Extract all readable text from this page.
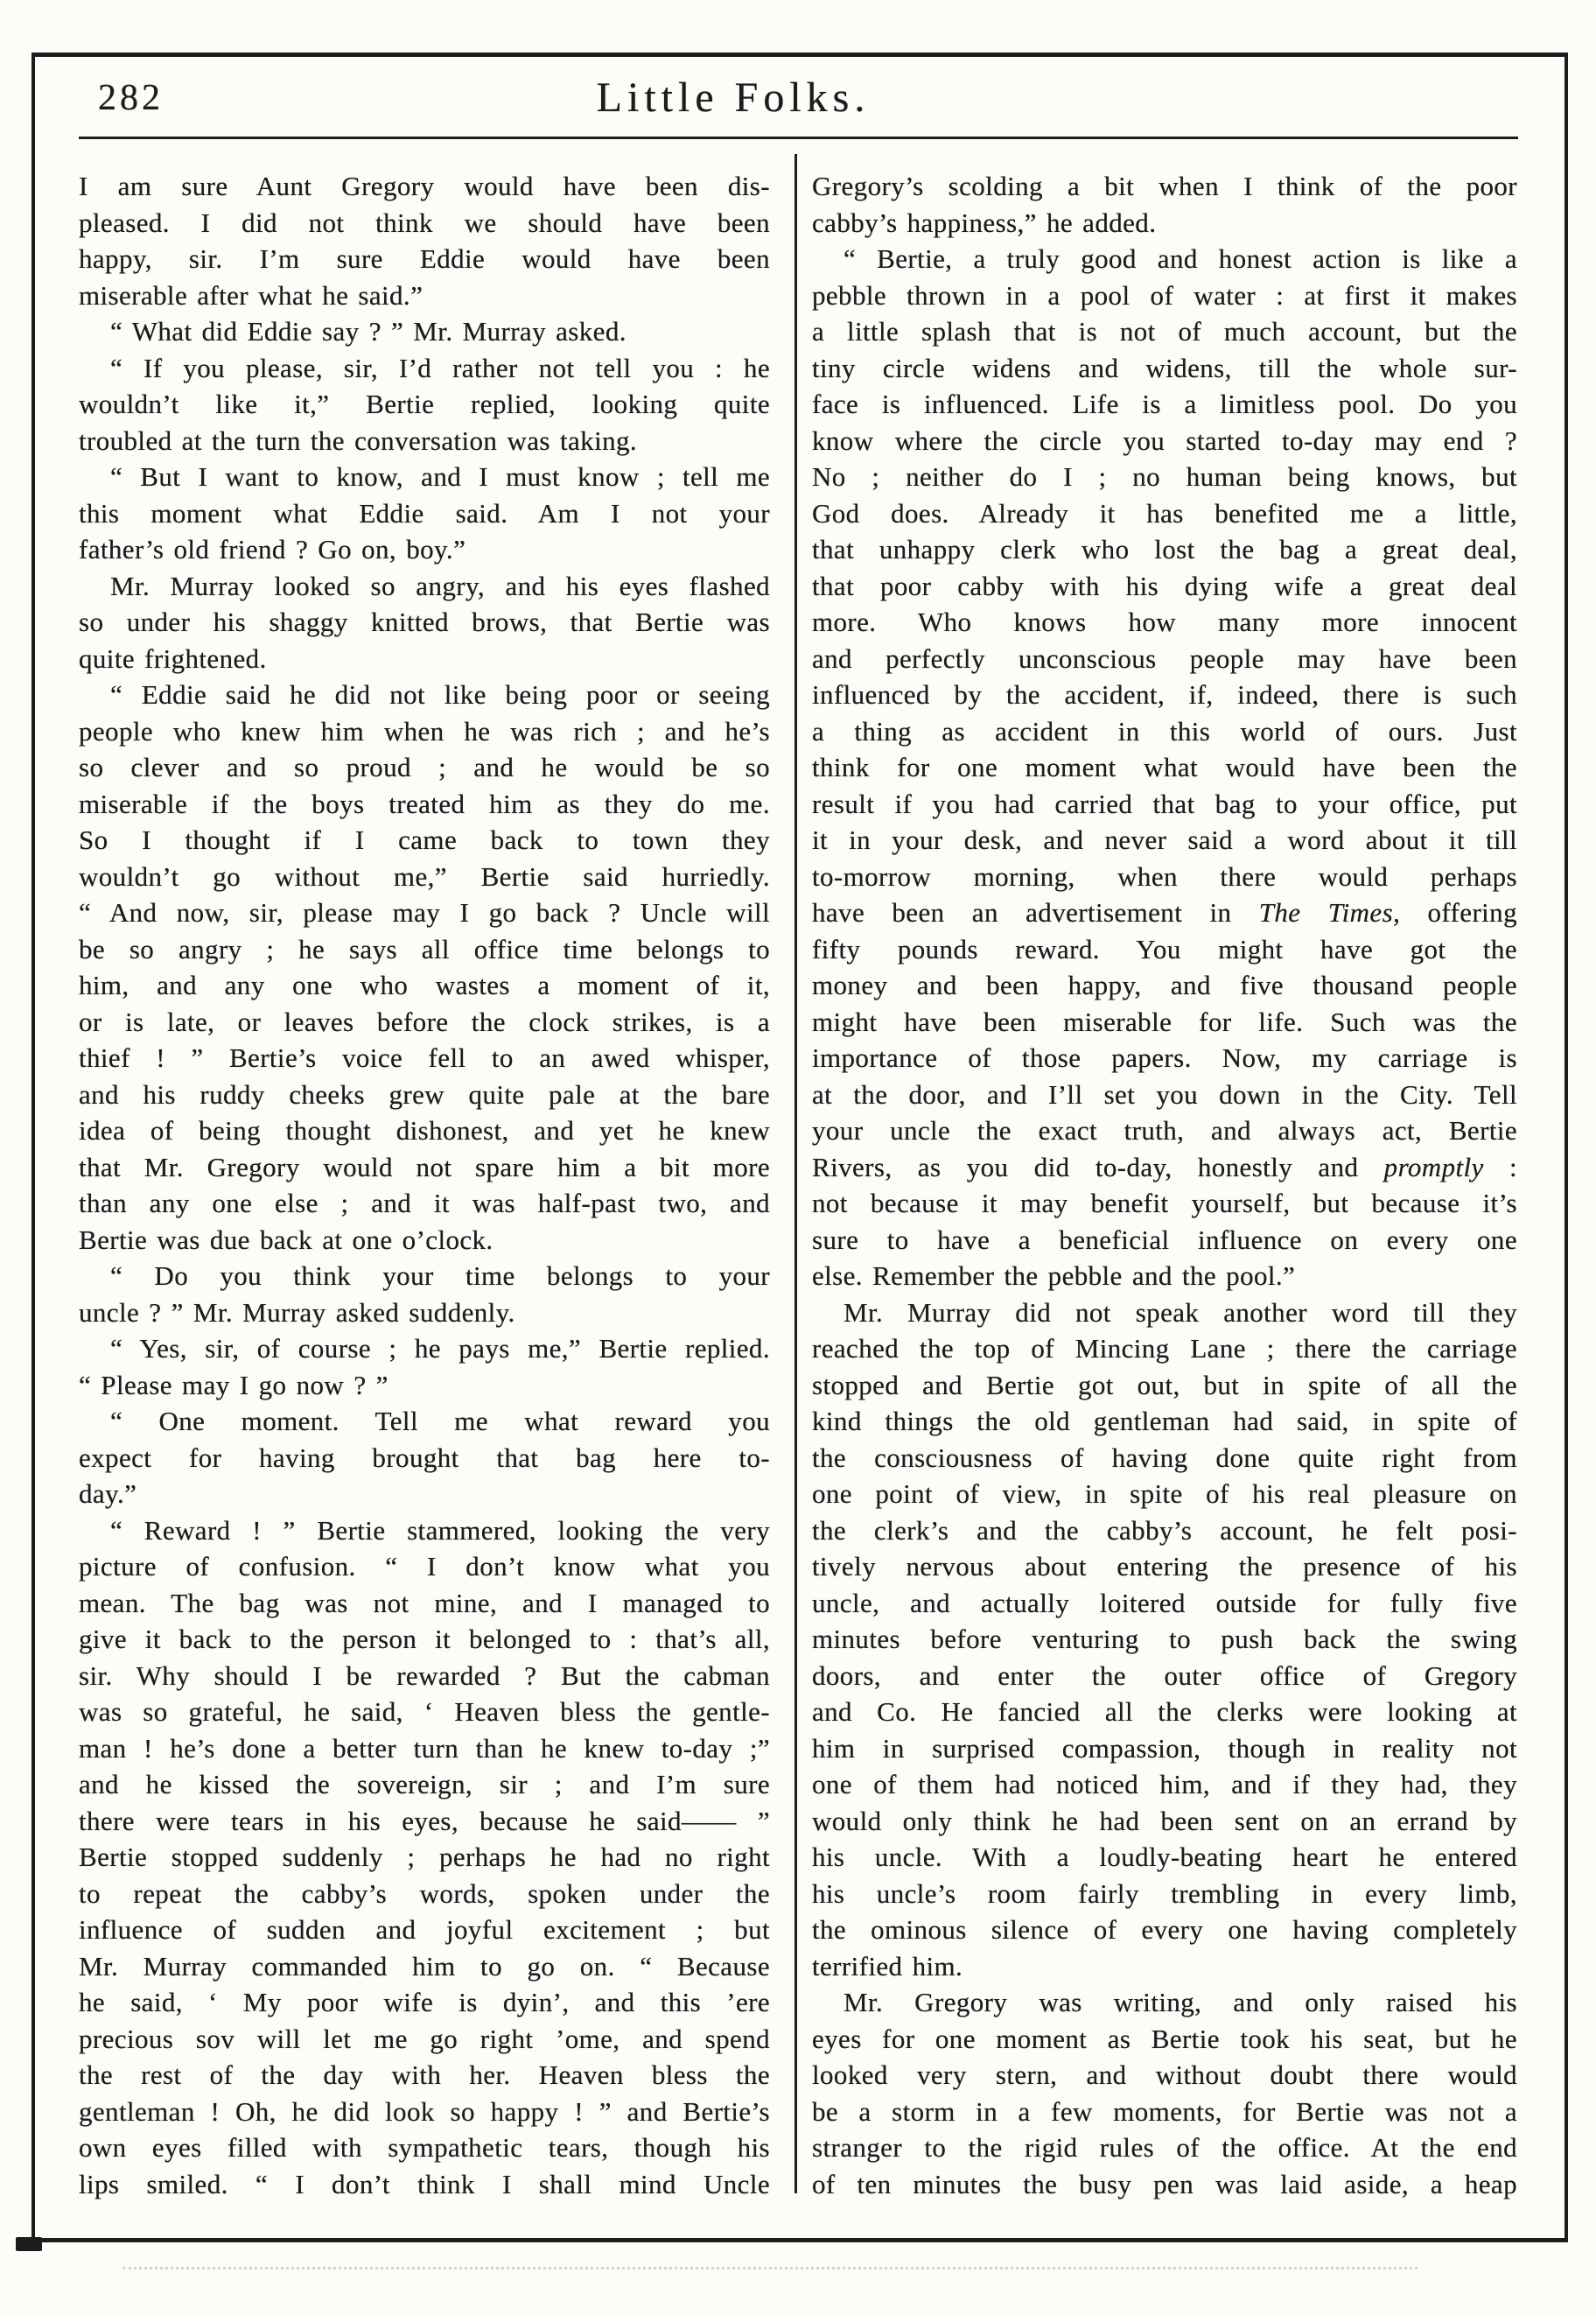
282	Little Folks.
I am sure Aunt Gregory would have been dis-
pleased. I did not think we should have been
happy, sir. I’m sure Eddie would have been
miserable after what he said.”
“ What did Eddie say ? ” Mr. Murray asked.
“ If you please, sir, I’d rather not tell you : he
wouldn’t like it,” Bertie replied, looking quite
troubled at the turn the conversation was taking.
“ But I want to know, and I must know ; tell me
this moment what Eddie said. Am I not your
father’s old friend ? Go on, boy.”
Mr. Murray looked so angry, and his eyes flashed
so under his shaggy knitted brows, that Bertie was
quite frightened.
“ Eddie said he did not like being poor or seeing
people who knew him when he was rich ; and he’s
so clever and so proud ; and he would be so
miserable if the boys treated him as they do me.
So I thought if I came back to town they
wouldn’t go without me,” Bertie said hurriedly.
“ And now, sir, please may I go back ? Uncle will
be so angry ; he says all office time belongs to
him, and any one who wastes a moment of it,
or is late, or leaves before the clock strikes, is a
thief ! ” Bertie’s voice fell to an awed whisper,
and his ruddy cheeks grew quite pale at the bare
idea of being thought dishonest, and yet he knew
that Mr. Gregory would not spare him a bit more
than any one else ; and it was half-past two, and
Bertie was due back at one o’clock.
“ Do you think your time belongs to your
uncle ? ” Mr. Murray asked suddenly.
“ Yes, sir, of course ; he pays me,” Bertie replied.
“ Please may I go now ? ”
“ One moment. Tell me what reward you
expect for having brought that bag here to-
day.”
“ Reward ! ” Bertie stammered, looking the very
picture of confusion. “ I don’t know what you
mean. The bag was not mine, and I managed to
give it back to the person it belonged to : that’s all,
sir. Why should I be rewarded ? But the cabman
was so grateful, he said, ‘ Heaven bless the gentle-
man ! he’s done a better turn than he knew to-day ;”
and he kissed the sovereign, sir ; and I’m sure
there were tears in his eyes, because he said—— ”
Bertie stopped suddenly ; perhaps he had no right
to repeat the cabby’s words, spoken under the
influence of sudden and joyful excitement ; but
Mr. Murray commanded him to go on. “ Because
he said, ‘ My poor wife is dyin’, and this ’ere
precious sov will let me go right ’ome, and spend
the rest of the day with her. Heaven bless the
gentleman ! Oh, he did look so happy ! ” and Bertie’s
own eyes filled with sympathetic tears, though his
lips smiled. “ I don’t think I shall mind Uncle
Gregory’s scolding a bit when I think of the poor
cabby’s happiness,” he added.
“ Bertie, a truly good and honest action is like a
pebble thrown in a pool of water : at first it makes
a little splash that is not of much account, but the
tiny circle widens and widens, till the whole sur-
face is influenced. Life is a limitless pool. Do you
know where the circle you started to-day may end ?
No ; neither do I ; no human being knows, but
God does. Already it has benefited me a little,
that unhappy clerk who lost the bag a great deal,
that poor cabby with his dying wife a great deal
more. Who knows how many more innocent
and perfectly unconscious people may have been
influenced by the accident, if, indeed, there is such
a thing as accident in this world of ours. Just
think for one moment what would have been the
result if you had carried that bag to your office, put
it in your desk, and never said a word about it till
to-morrow morning, when there would perhaps
have been an advertisement in The Times, offering
fifty pounds reward. You might have got the
money and been happy, and five thousand people
might have been miserable for life. Such was the
importance of those papers. Now, my carriage is
at the door, and I’ll set you down in the City. Tell
your uncle the exact truth, and always act, Bertie
Rivers, as you did to-day, honestly and promptly :
not because it may benefit yourself, but because it’s
sure to have a beneficial influence on every one
else. Remember the pebble and the pool.”
Mr. Murray did not speak another word till they
reached the top of Mincing Lane ; there the carriage
stopped and Bertie got out, but in spite of all the
kind things the old gentleman had said, in spite of
the consciousness of having done quite right from
one point of view, in spite of his real pleasure on
the clerk’s and the cabby’s account, he felt posi-
tively nervous about entering the presence of his
uncle, and actually loitered outside for fully five
minutes before venturing to push back the swing
doors, and enter the outer office of Gregory
and Co. He fancied all the clerks were looking at
him in surprised compassion, though in reality not
one of them had noticed him, and if they had, they
would only think he had been sent on an errand by
his uncle. With a loudly-beating heart he entered
his uncle’s room fairly trembling in every limb,
the ominous silence of every one having completely
terrified him.
Mr. Gregory was writing, and only raised his
eyes for one moment as Bertie took his seat, but he
looked very stern, and without doubt there would
be a storm in a few moments, for Bertie was not a
stranger to the rigid rules of the office. At the end
of ten minutes the busy pen was laid aside, a heap
